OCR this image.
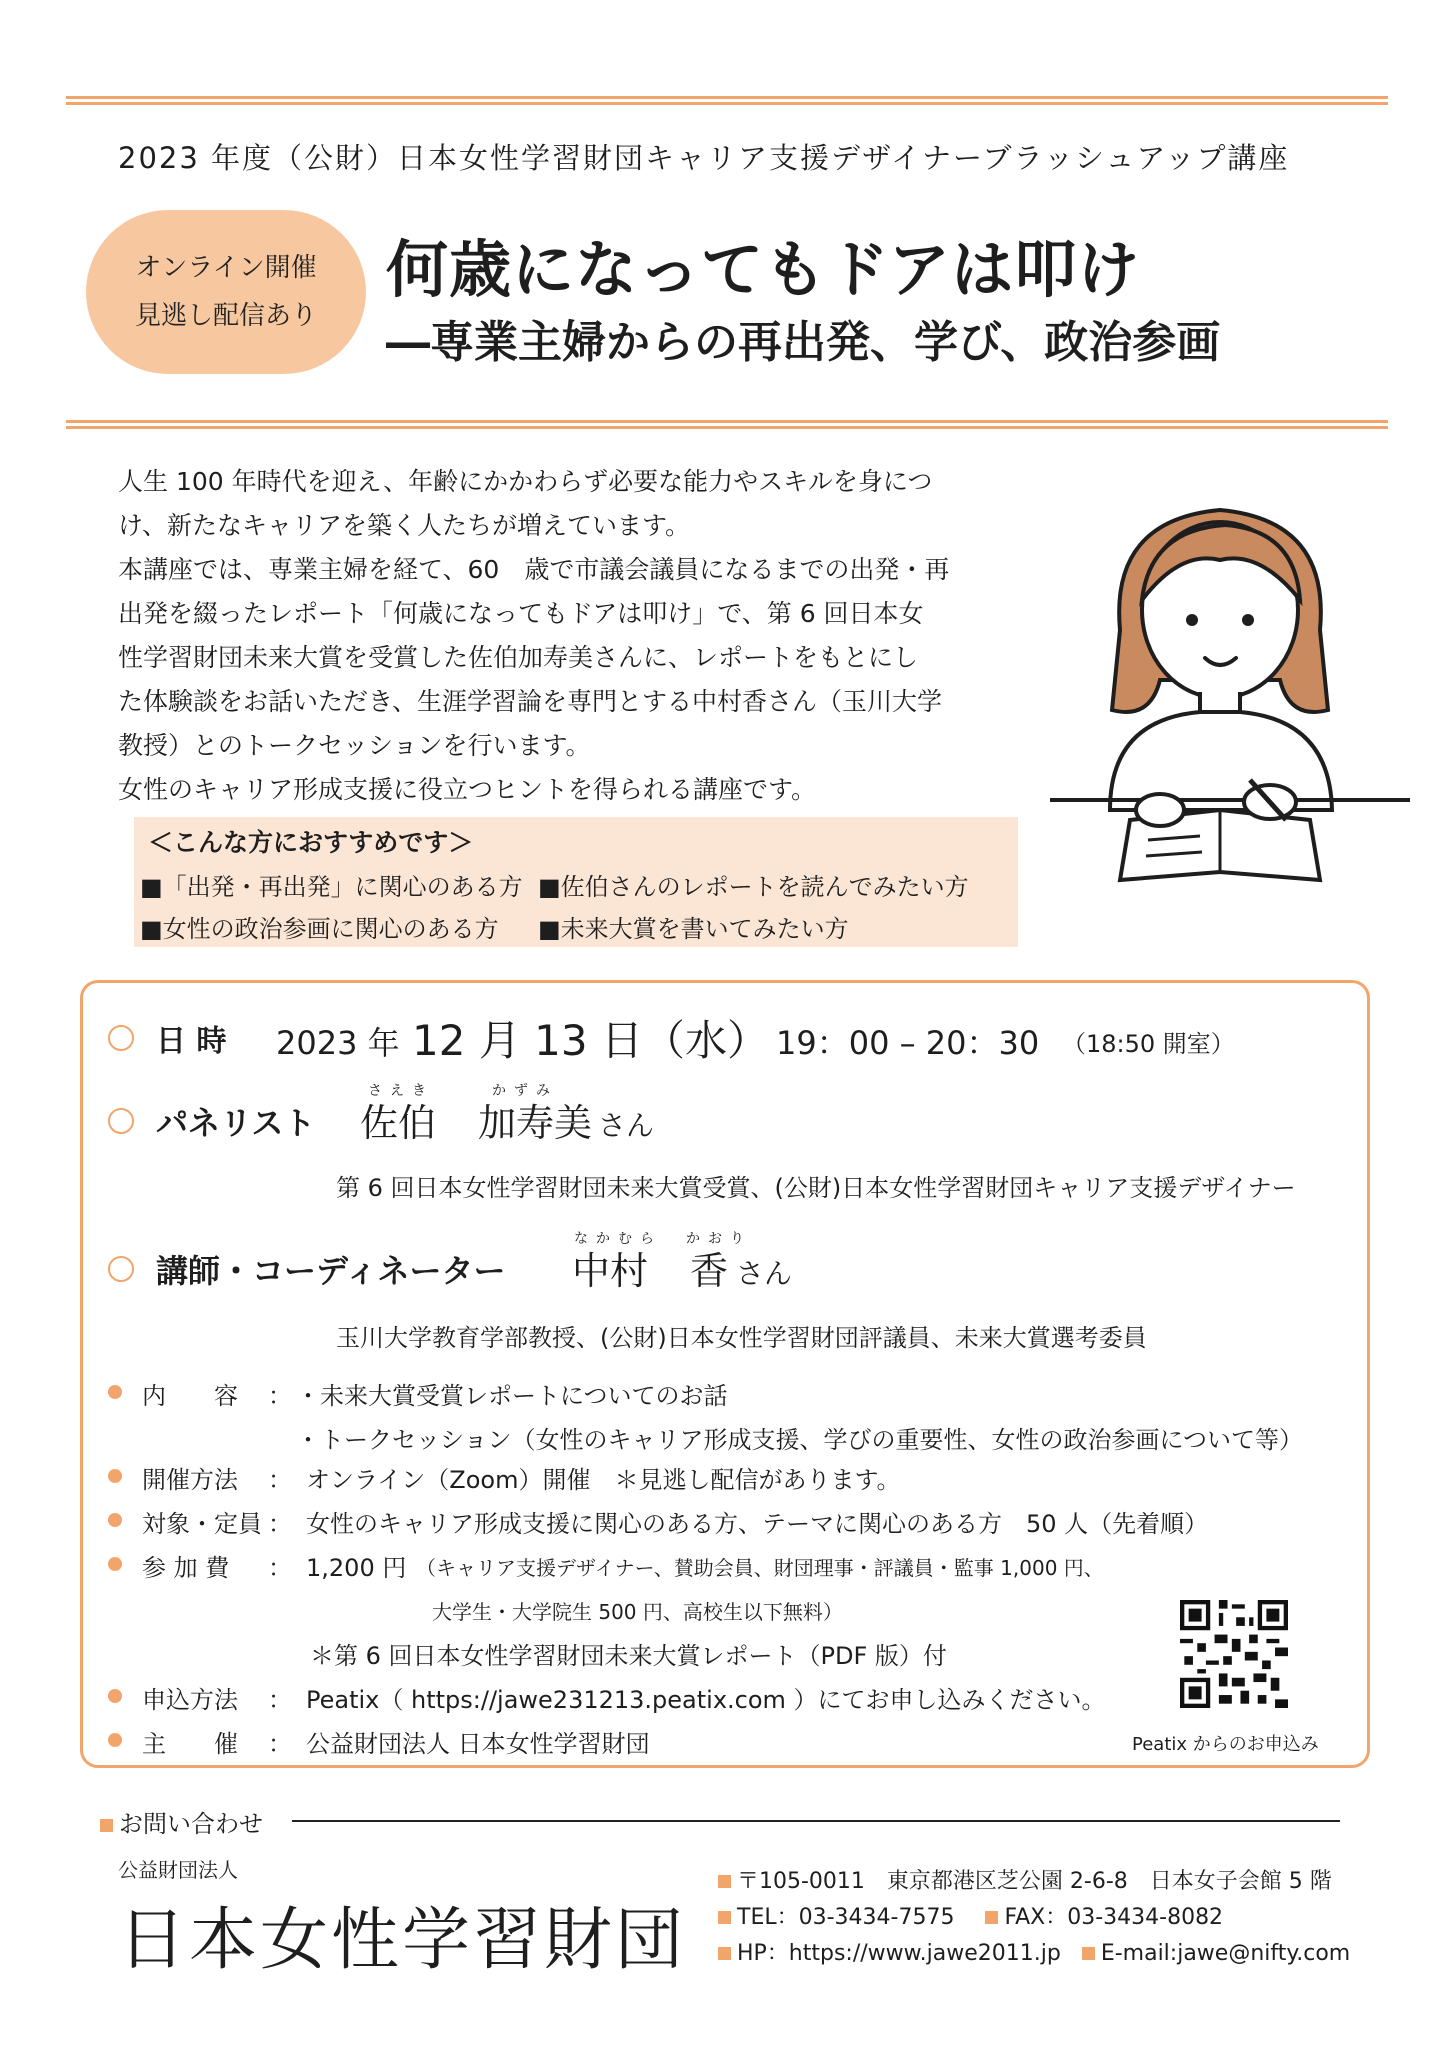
2023 年度（公財）日本女性学習財団キャリア支援デザイナーブラッシュアップ講座
オンライン開催
見逃し配信あり
何歳になってもドアは叩け
―専業主婦からの再出発、学び、政治参画

人生 100 年時代を迎え、年齢にかかわらず必要な能力やスキルを身につ

け、新たなキャリアを築く人たちが増えています。

本講座では、専業主婦を経て、60　歳で市議会議員になるまでの出発・再

出発を綴ったレポート「何歳になってもドアは叩け」で、第 6 回日本女

性学習財団未来大賞を受賞した佐伯加寿美さんに、レポートをもとにし

た体験談をお話いただき、生涯学習論を専門とする中村香さん（玉川大学

教授）とのトークセッションを行います。

女性のキャリア形成支援に役立つヒントを得られる講座です。

＜こんな方におすすめです＞
■「出発・再出発」に関心のある方 ■佐伯さんのレポートを読んでみたい方
■女性の政治参画に関心のある方 ■未来大賞を書いてみたい方
日 時 2023 年 12 月 13 日（水） 19：00 – 20：30 （18:50 開室）
パネリスト
さえき
佐伯
かずみ
加寿美 さん
第 6 回日本女性学習財団未来大賞受賞、(公財)日本女性学習財団キャリア支援デザイナー
講師・コーディネーター
なかむら
中村
かおり
香 さん
玉川大学教育学部教授、(公財)日本女性学習財団評議員、未来大賞選考委員
内　　容 ： ・未来大賞受賞レポートについてのお話
・トークセッション（女性のキャリア形成支援、学びの重要性、女性の政治参画について等）
開催方法 ： オンライン（Zoom）開催　＊見逃し配信があります。
対象・定員 ： 女性のキャリア形成支援に関心のある方、テーマに関心のある方　50 人（先着順）
参 加 費 ： 1,200 円 （キャリア支援デザイナー、賛助会員、財団理事・評議員・監事 1,000 円、
大学生・大学院生 500 円、高校生以下無料）
＊第 6 回日本女性学習財団未来大賞レポート（PDF 版）付
申込方法 ： Peatix（ https://jawe231213.peatix.com ）にてお申し込みください。
主　　催 ： 公益財団法人 日本女性学習財団	Peatix からのお申込み
お問い合わせ
公益財団法人
日本女性学習財団
〒105-0011　東京都港区芝公園 2-6-8　日本女子会館 5 階
TEL：03-3434-7575 FAX：03-3434-8082
HP：https://www.jawe2011.jp E-mail:jawe@nifty.com
